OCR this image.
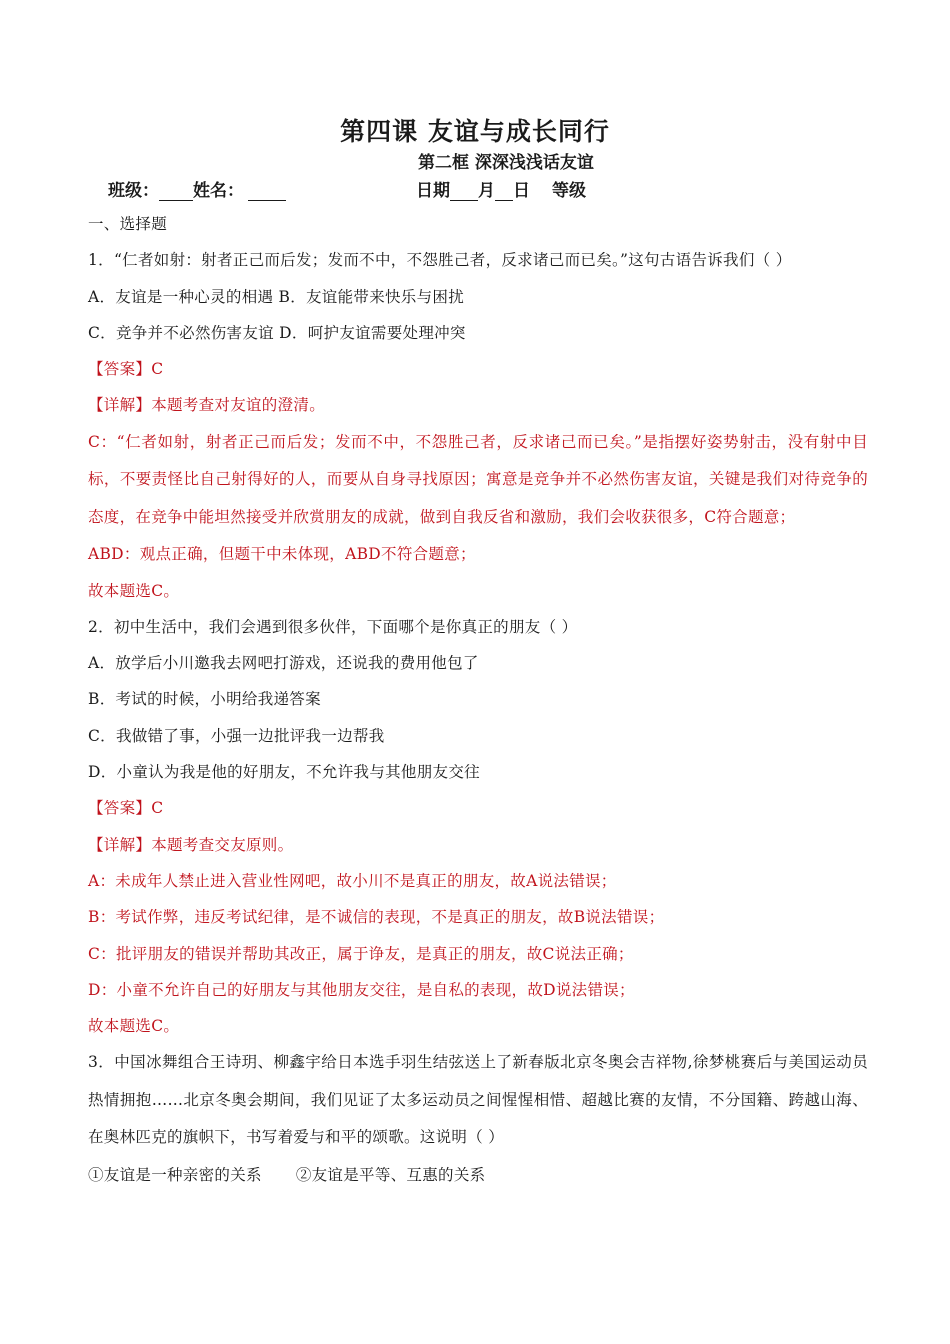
第四课 友谊与成长同行
第二框 深深浅浅话友谊
班级： 姓名：	日期 月 日 等级
一、选择题
1．“仁者如射：射者正己而后发；发而不中，不怨胜己者，反求诸己而已矣。”这句古语告诉我们（ ）
A．友谊是一种心灵的相遇 B．友谊能带来快乐与困扰
C．竞争并不必然伤害友谊 D．呵护友谊需要处理冲突
【答案】C
【详解】本题考查对友谊的澄清。
C：“仁者如射，射者正己而后发；发而不中，不怨胜己者，反求诸己而已矣。”是指摆好姿势射击，没有射中目标，不要责怪比自己射得好的人，而要从自身寻找原因；寓意是竞争并不必然伤害友谊，关键是我们对待竞争的态度，在竞争中能坦然接受并欣赏朋友的成就，做到自我反省和激励，我们会收获很多，C符合题意；
ABD：观点正确，但题干中未体现，ABD不符合题意；
故本题选C。
2．初中生活中，我们会遇到很多伙伴，下面哪个是你真正的朋友（ ）
A．放学后小川邀我去网吧打游戏，还说我的费用他包了
B．考试的时候，小明给我递答案
C．我做错了事，小强一边批评我一边帮我
D．小童认为我是他的好朋友，不允许我与其他朋友交往
【答案】C
【详解】本题考查交友原则。
A：未成年人禁止进入营业性网吧，故小川不是真正的朋友，故A说法错误；
B：考试作弊，违反考试纪律，是不诚信的表现，不是真正的朋友，故B说法错误；
C：批评朋友的错误并帮助其改正，属于诤友，是真正的朋友，故C说法正确；
D：小童不允许自己的好朋友与其他朋友交往，是自私的表现，故D说法错误；
故本题选C。
3．中国冰舞组合王诗玥、柳鑫宇给日本选手羽生结弦送上了新春版北京冬奥会吉祥物,徐梦桃赛后与美国运动员热情拥抱……北京冬奥会期间，我们见证了太多运动员之间惺惺相惜、超越比赛的友情，不分国籍、跨越山海、在奥林匹克的旗帜下，书写着爱与和平的颂歌。这说明（ ）
①友谊是一种亲密的关系 ②友谊是平等、互惠的关系
